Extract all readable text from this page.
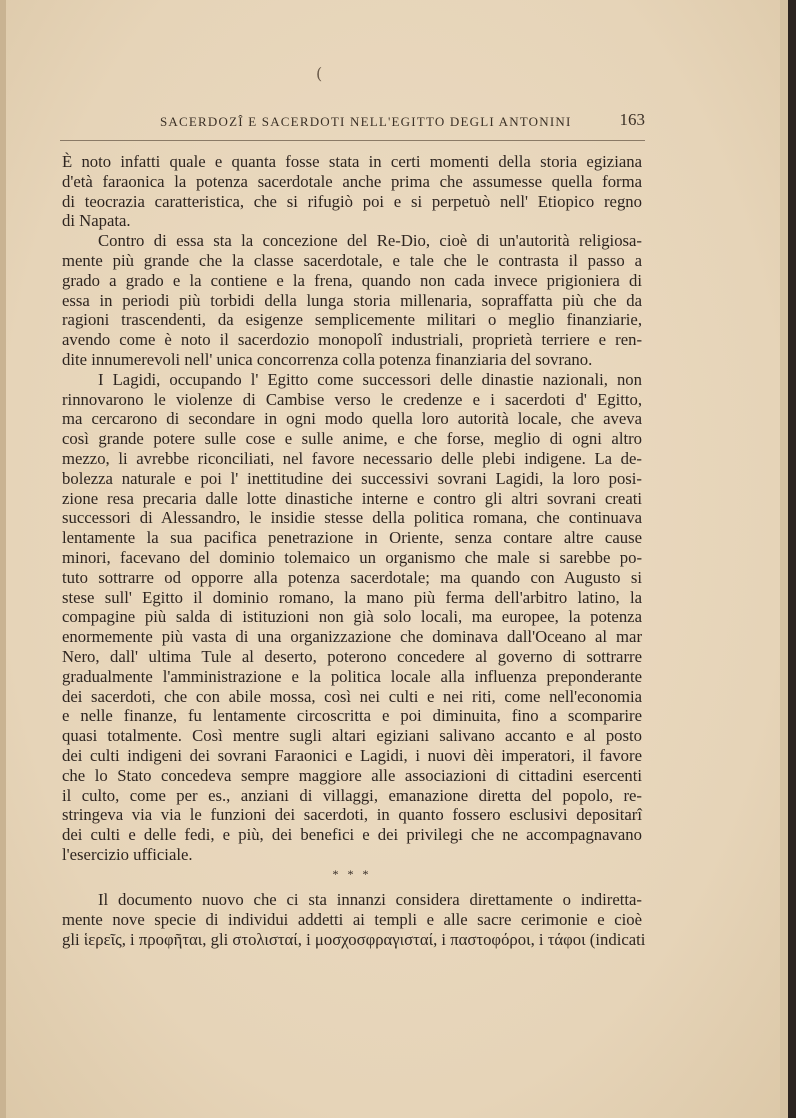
(
SACERDOZÎ E SACERDOTI NELL'EGITTO DEGLI ANTONINI	163
È noto infatti quale e quanta fosse stata in certi momenti della storia egiziana
d'età faraonica la potenza sacerdotale anche prima che assumesse quella forma
di teocrazia caratteristica, che si rifugiò poi e si perpetuò nell' Etiopico regno
di Napata.
Contro di essa sta la concezione del Re-Dio, cioè di un'autorità religiosa-
mente più grande che la classe sacerdotale, e tale che le contrasta il passo a
grado a grado e la contiene e la frena, quando non cada invece prigioniera di
essa in periodi più torbidi della lunga storia millenaria, sopraffatta più che da
ragioni trascendenti, da esigenze semplicemente militari o meglio finanziarie,
avendo come è noto il sacerdozio monopolî industriali, proprietà terriere e ren-
dite innumerevoli nell' unica concorrenza colla potenza finanziaria del sovrano.
I Lagidi, occupando l' Egitto come successori delle dinastie nazionali, non
rinnovarono le violenze di Cambise verso le credenze e i sacerdoti d' Egitto,
ma cercarono di secondare in ogni modo quella loro autorità locale, che aveva
così grande potere sulle cose e sulle anime, e che forse, meglio di ogni altro
mezzo, li avrebbe riconciliati, nel favore necessario delle plebi indigene. La de-
bolezza naturale e poi l' inettitudine dei successivi sovrani Lagidi, la loro posi-
zione resa precaria dalle lotte dinastiche interne e contro gli altri sovrani creati
successori di Alessandro, le insidie stesse della politica romana, che continuava
lentamente la sua pacifica penetrazione in Oriente, senza contare altre cause
minori, facevano del dominio tolemaico un organismo che male si sarebbe po-
tuto sottrarre od opporre alla potenza sacerdotale; ma quando con Augusto si
stese sull' Egitto il dominio romano, la mano più ferma dell'arbitro latino, la
compagine più salda di istituzioni non già solo locali, ma europee, la potenza
enormemente più vasta di una organizzazione che dominava dall'Oceano al mar
Nero, dall' ultima Tule al deserto, poterono concedere al governo di sottrarre
gradualmente l'amministrazione e la politica locale alla influenza preponderante
dei sacerdoti, che con abile mossa, così nei culti e nei riti, come nell'economia
e nelle finanze, fu lentamente circoscritta e poi diminuita, fino a scomparire
quasi totalmente. Così mentre sugli altari egiziani salivano accanto e al posto
dei culti indigeni dei sovrani Faraonici e Lagidi, i nuovi dèi imperatori, il favore
che lo Stato concedeva sempre maggiore alle associazioni di cittadini esercenti
il culto, come per es., anziani di villaggi, emanazione diretta del popolo, re-
stringeva via via le funzioni dei sacerdoti, in quanto fossero esclusivi depositarî
dei culti e delle fedi, e più, dei benefici e dei privilegi che ne accompagnavano
l'esercizio ufficiale.
* * *
Il documento nuovo che ci sta innanzi considera direttamente o indiretta-
mente nove specie di individui addetti ai templi e alle sacre cerimonie e cioè
gli ἱερεῖς, i προφῆται, gli στολισταί, i μοσχοσφραγισταί, i παστοφόροι, i τάφοι (indicati
